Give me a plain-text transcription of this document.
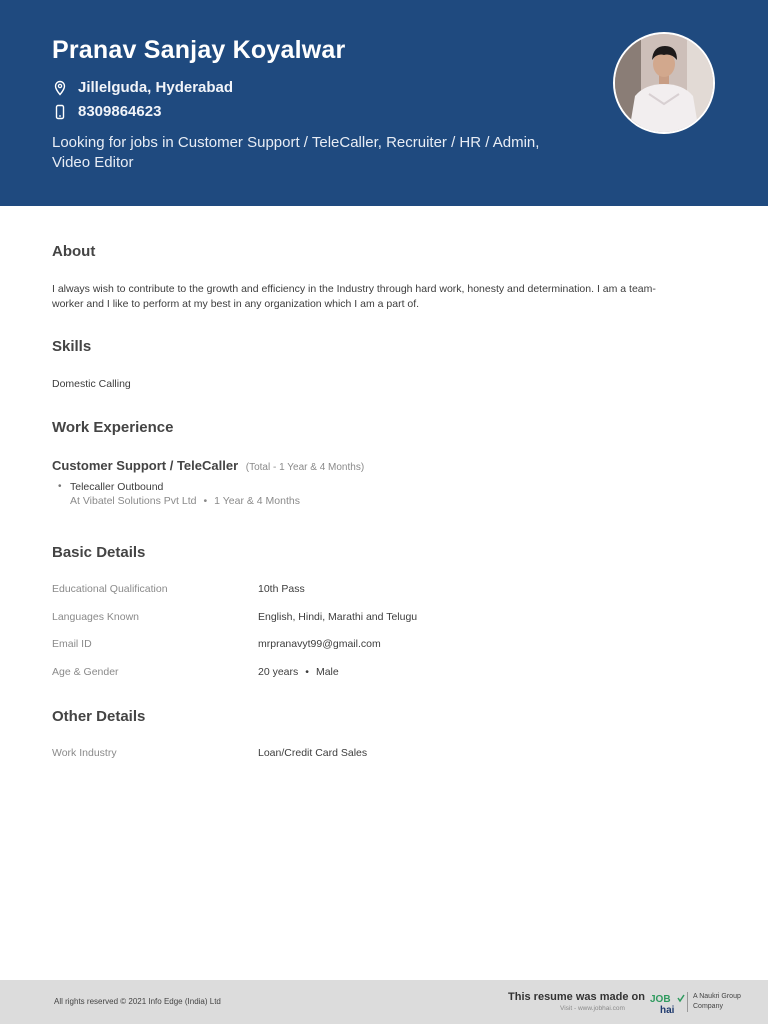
Pranav Sanjay Koyalwar
Jillelguda, Hyderabad
8309864623
Looking for jobs in Customer Support / TeleCaller, Recruiter / HR / Admin,
Video Editor
About
I always wish to contribute to the growth and efficiency in the Industry through hard work, honesty and determination. I am a team-
worker and I like to perform at my best in any organization which I am a part of.
Skills
Domestic Calling
Work Experience
Customer Support / TeleCaller (Total - 1 Year & 4 Months)
• Telecaller Outbound
At Vibatel Solutions Pvt Ltd • 1 Year & 4 Months
Basic Details
Educational Qualification	10th Pass
Languages Known	English, Hindi, Marathi and Telugu
Email ID	mrpranavyt99@gmail.com
Age & Gender	20 years • Male
Other Details
Work Industry	Loan/Credit Card Sales
All rights reserved © 2021 Info Edge (India) Ltd	This resume was made on
Visit - www.jobhai.com
JOB
hai
A Naukri Group
Company
